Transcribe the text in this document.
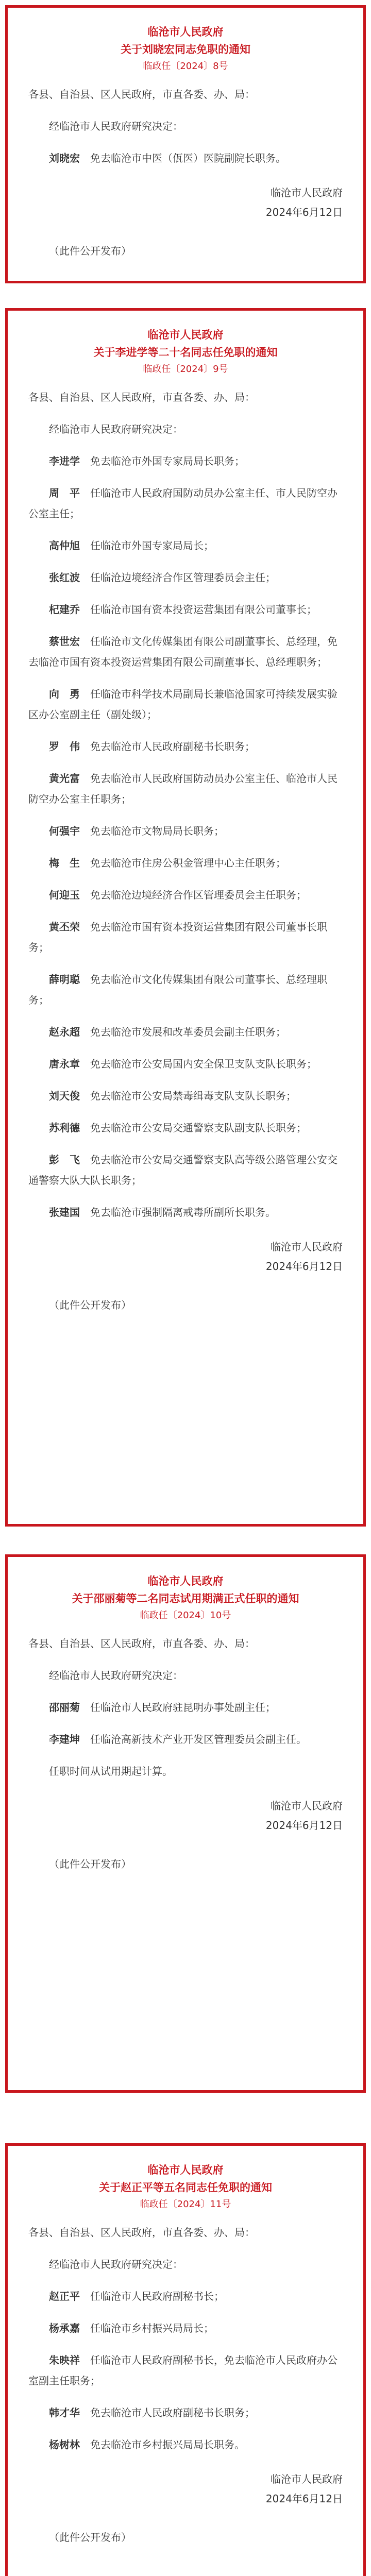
临沧市人民政府
关于刘晓宏同志免职的通知
临政任〔2024〕8号

各县、自治县、区人民政府，市直各委、办、局：

经临沧市人民政府研究决定：

刘晓宏　 免去临沧市中医（佤医）医院副院长职务。

临沧市人民政府
2024年6月12日
（此件公开发布）
临沧市人民政府
关于李进学等二十名同志任免职的通知
临政任〔2024〕9号

各县、自治县、区人民政府，市直各委、办、局：

经临沧市人民政府研究决定：

李进学　 免去临沧市外国专家局局长职务；

周　平　 任临沧市人民政府国防动员办公室主任、市人民防空办公室主任；

高仲旭　 任临沧市外国专家局局长；

张红波　 任临沧边境经济合作区管理委员会主任；

杞建乔　 任临沧市国有资本投资运营集团有限公司董事长；

蔡世宏　 任临沧市文化传媒集团有限公司副董事长、总经理，免去临沧市国有资本投资运营集团有限公司副董事长、总经理职务；

向　勇　 任临沧市科学技术局副局长兼临沧国家可持续发展实验区办公室副主任（副处级）；

罗　伟　 免去临沧市人民政府副秘书长职务；

黄光富　 免去临沧市人民政府国防动员办公室主任、临沧市人民防空办公室主任职务；

何强宇　 免去临沧市文物局局长职务；

梅　生　 免去临沧市住房公积金管理中心主任职务；

何迎玉　 免去临沧边境经济合作区管理委员会主任职务；

黄丕荣　 免去临沧市国有资本投资运营集团有限公司董事长职务；

薛明聪　 免去临沧市文化传媒集团有限公司董事长、总经理职务；

赵永超　 免去临沧市发展和改革委员会副主任职务；

唐永章　 免去临沧市公安局国内安全保卫支队支队长职务；

刘天俊　 免去临沧市公安局禁毒缉毒支队支队长职务；

苏利德　 免去临沧市公安局交通警察支队副支队长职务；

彭　飞　 免去临沧市公安局交通警察支队高等级公路管理公安交通警察大队大队长职务；

张建国　 免去临沧市强制隔离戒毒所副所长职务。

临沧市人民政府
2024年6月12日
（此件公开发布）
临沧市人民政府
关于邵丽菊等二名同志试用期满正式任职的通知
临政任〔2024〕10号

各县、自治县、区人民政府，市直各委、办、局：

经临沧市人民政府研究决定：

邵丽菊　 任临沧市人民政府驻昆明办事处副主任；

李建坤　 任临沧高新技术产业开发区管理委员会副主任。

任职时间从试用期起计算。

临沧市人民政府
2024年6月12日
（此件公开发布）
临沧市人民政府
关于赵正平等五名同志任免职的通知
临政任〔2024〕11号

各县、自治县、区人民政府，市直各委、办、局：

经临沧市人民政府研究决定：

赵正平　 任临沧市人民政府副秘书长；

杨承嘉　 任临沧市乡村振兴局局长；

朱映祥　 任临沧市人民政府副秘书长，免去临沧市人民政府办公室副主任职务；

韩才华　 免去临沧市人民政府副秘书长职务；

杨树林　 免去临沧市乡村振兴局局长职务。

临沧市人民政府
2024年6月12日
（此件公开发布）
